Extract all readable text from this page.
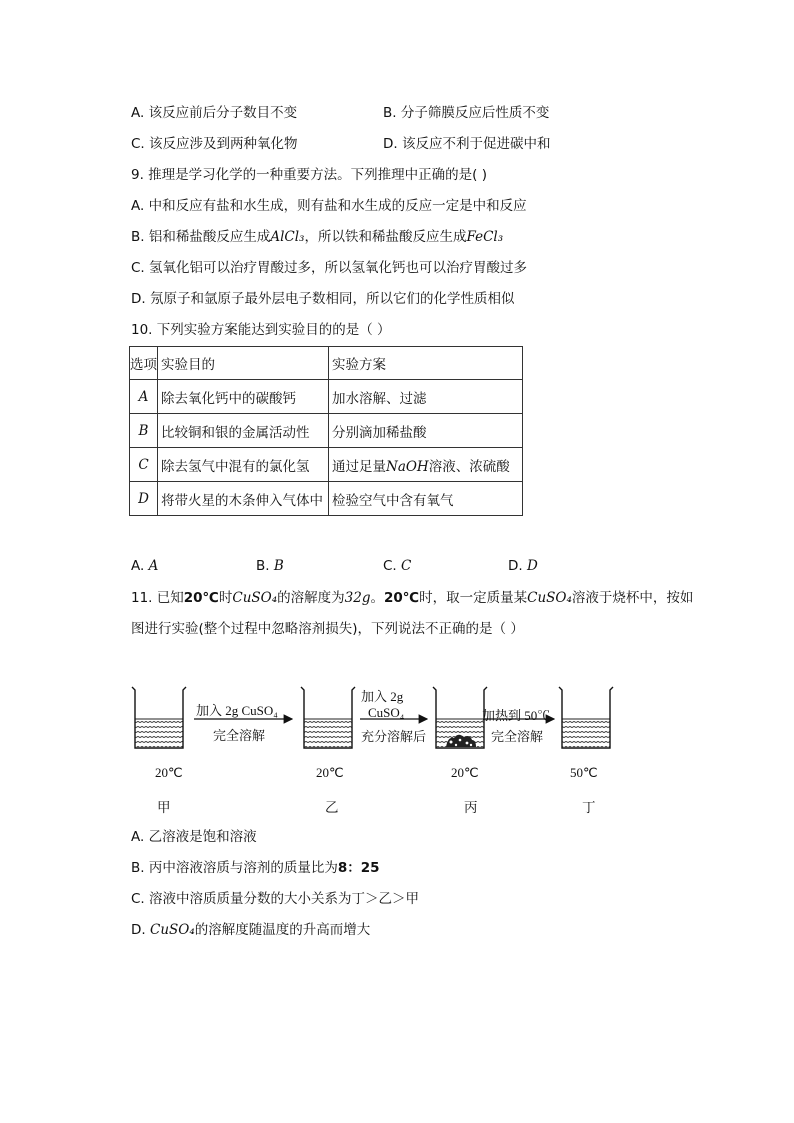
A. 该反应前后分子数目不变	B. 分子筛膜反应后性质不变
C. 该反应涉及到两种氧化物	D. 该反应不利于促进碳中和
9. 推理是学习化学的一种重要方法。下列推理中正确的是( )
A. 中和反应有盐和水生成，则有盐和水生成的反应一定是中和反应
B. 铝和稀盐酸反应生成AlCl₃，所以铁和稀盐酸反应生成FeCl₃
C. 氢氧化铝可以治疗胃酸过多，所以氢氧化钙也可以治疗胃酸过多
D. 氖原子和氩原子最外层电子数相同，所以它们的化学性质相似
10. 下列实验方案能达到实验目的的是（ ）
选项	实验目的	实验方案
A	除去氧化钙中的碳酸钙	加水溶解、过滤
B	比较铜和银的金属活动性	分别滴加稀盐酸
C	除去氢气中混有的氯化氢	通过足量NaOH溶液、浓硫酸
D	将带火星的木条伸入气体中	检验空气中含有氧气
A. A	B. B	C. C	D. D
11. 已知20℃时CuSO₄的溶解度为32g。20℃时，取一定质量某CuSO₄溶液于烧杯中，按如
图进行实验(整个过程中忽略溶剂损失)，下列说法不正确的是（ ）
加入 2g CuSO₄
完全溶解
加入 2g
CuSO₄
充分溶解后
加热到 50℃
完全溶解
20℃	20℃	20℃	50℃
甲	乙	丙	丁
A. 乙溶液是饱和溶液
B. 丙中溶液溶质与溶剂的质量比为8：25
C. 溶液中溶质质量分数的大小关系为丁＞乙＞甲
D. CuSO₄的溶解度随温度的升高而增大
